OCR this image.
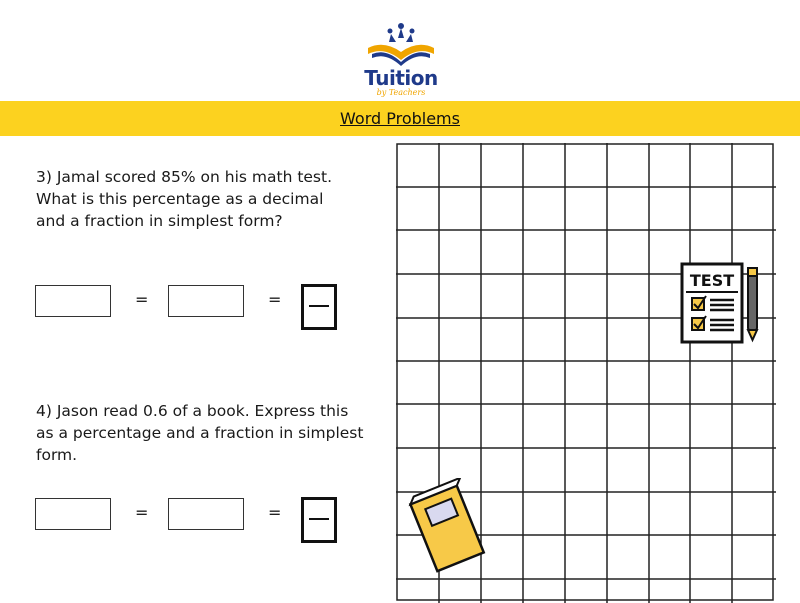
Tuition
by Teachers
Word Problems
3) Jamal scored 85% on his math test. What is this percentage as a decimal and a fraction in simplest form?
=	=
4) Jason read 0.6 of a book. Express this as a percentage and a fraction in simplest form.
=	=
TEST
